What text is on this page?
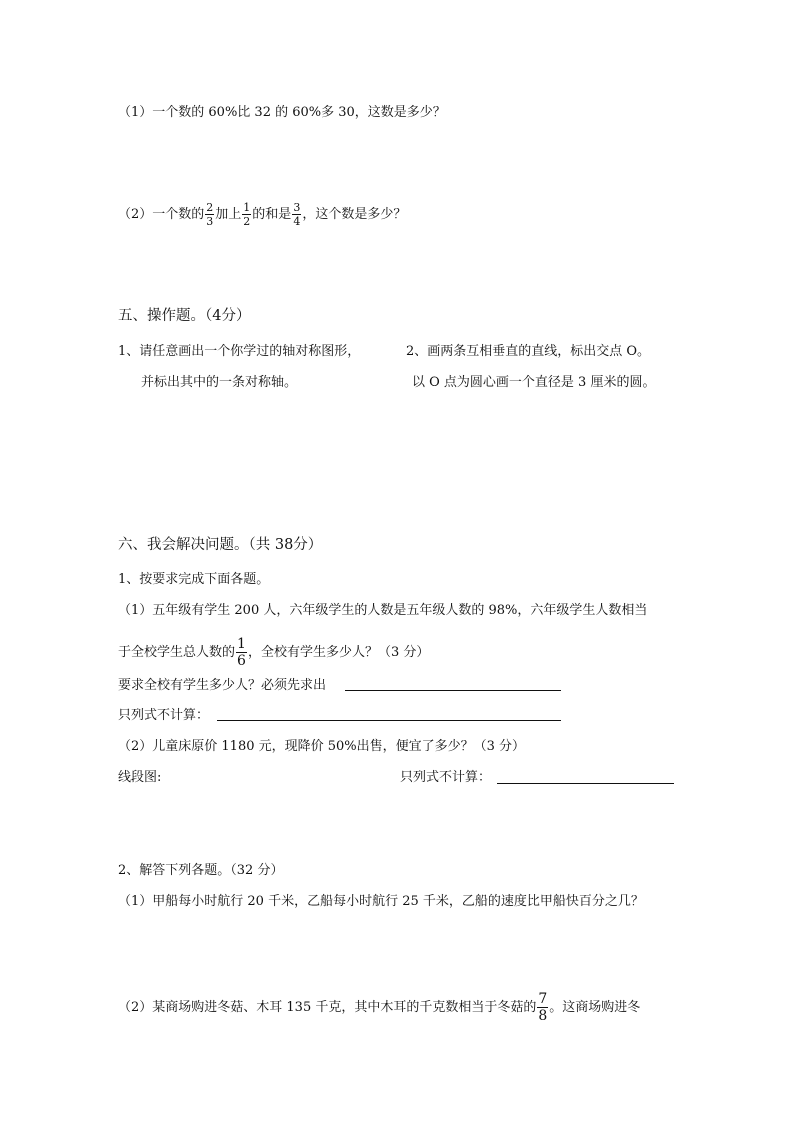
（1）一个数的 60%比 32 的 60%多 30，这数是多少？
（2）一个数的 $\frac{2}{3}$ 加上 $\frac{1}{2}$ 的和是 $\frac{3}{4}$ ，这个数是多少？
五、操作题。（4分）
1、请任意画出一个你学过的轴对称图形，	2、画两条互相垂直的直线，标出交点 O。
并标出其中的一条对称轴。	以 O 点为圆心画一个直径是 3 厘米的圆。
六、我会解决问题。（共 38分）
1、按要求完成下面各题。
（1）五年级有学生 200 人，六年级学生的人数是五年级人数的 98%，六年级学生人数相当
于全校学生总人数的 $\frac{1}{6}$ ，全校有学生多少人？（3 分）
要求全校有学生多少人？必须先求出
只列式不计算：
（2）儿童床原价 1180 元，现降价 50%出售，便宜了多少？（3 分）
线段图:	只列式不计算：
2、解答下列各题。（32 分）
（1）甲船每小时航行 20 千米，乙船每小时航行 25 千米，乙船的速度比甲船快百分之几？
（2）某商场购进冬菇、木耳 135 千克，其中木耳的千克数相当于冬菇的 $\frac{7}{8}$ 。这商场购进冬
